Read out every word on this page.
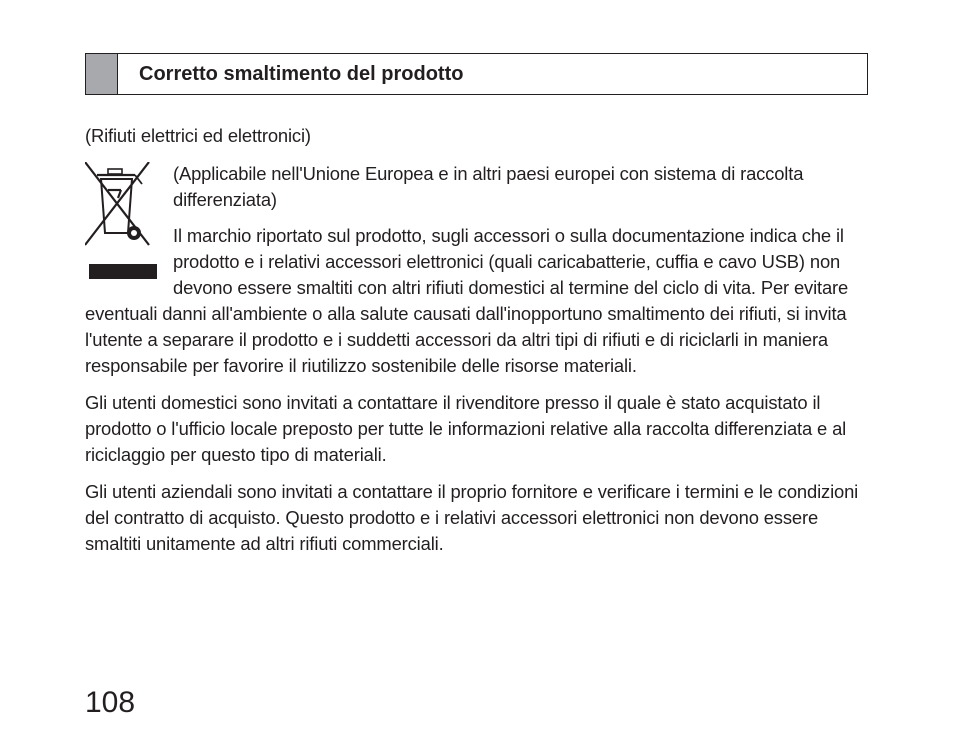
Corretto smaltimento del prodotto

(Rifiuti elettrici ed elettronici)

(Applicabile nell'Unione Europea e in altri paesi europei con sistema di raccolta differenziata)

Il marchio riportato sul prodotto, sugli accessori o sulla documentazione indica che il prodotto e i relativi accessori elettronici (quali caricabatterie, cuffia e cavo USB) non devono essere smaltiti con altri rifiuti domestici al termine del ciclo di vita. Per evitare eventuali danni all'ambiente o alla salute causati dall'inopportuno smaltimento dei rifiuti, si invita l'utente a separare il prodotto e i suddetti accessori da altri tipi di rifiuti e di riciclarli in maniera responsabile per favorire il riutilizzo sostenibile delle risorse materiali.

Gli utenti domestici sono invitati a contattare il rivenditore presso il quale è stato acquistato il prodotto o l'ufficio locale preposto per tutte le informazioni relative alla raccolta differenziata e al riciclaggio per questo tipo di materiali.

Gli utenti aziendali sono invitati a contattare il proprio fornitore e verificare i termini e le condizioni del contratto di acquisto. Questo prodotto e i relativi accessori elettronici non devono essere smaltiti unitamente ad altri rifiuti commerciali.

108
